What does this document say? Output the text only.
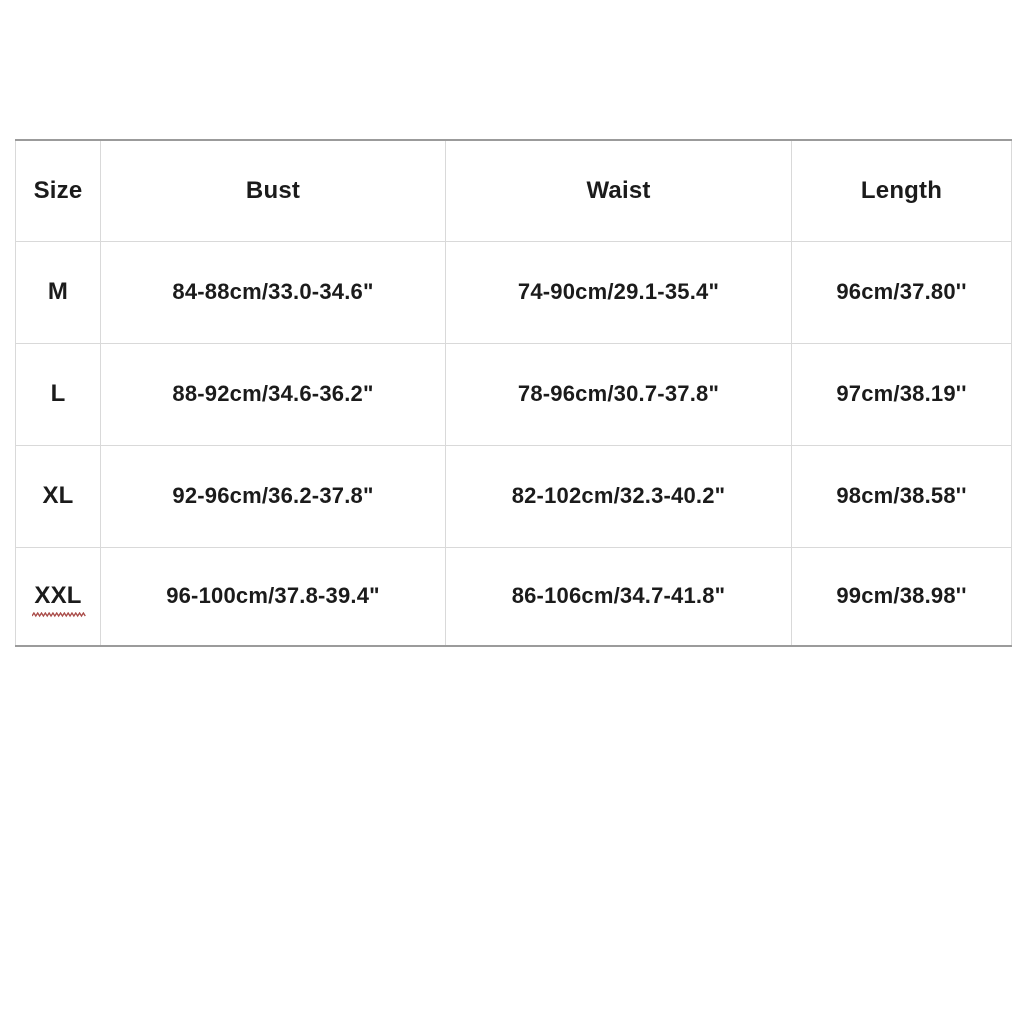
Size	Bust	Waist	Length
M	84-88cm/33.0-34.6"	74-90cm/29.1-35.4"	96cm/37.80''
L	88-92cm/34.6-36.2"	78-96cm/30.7-37.8"	97cm/38.19''
XL	92-96cm/36.2-37.8"	82-102cm/32.3-40.2"	98cm/38.58''
XXL	96-100cm/37.8-39.4"	86-106cm/34.7-41.8"	99cm/38.98''
